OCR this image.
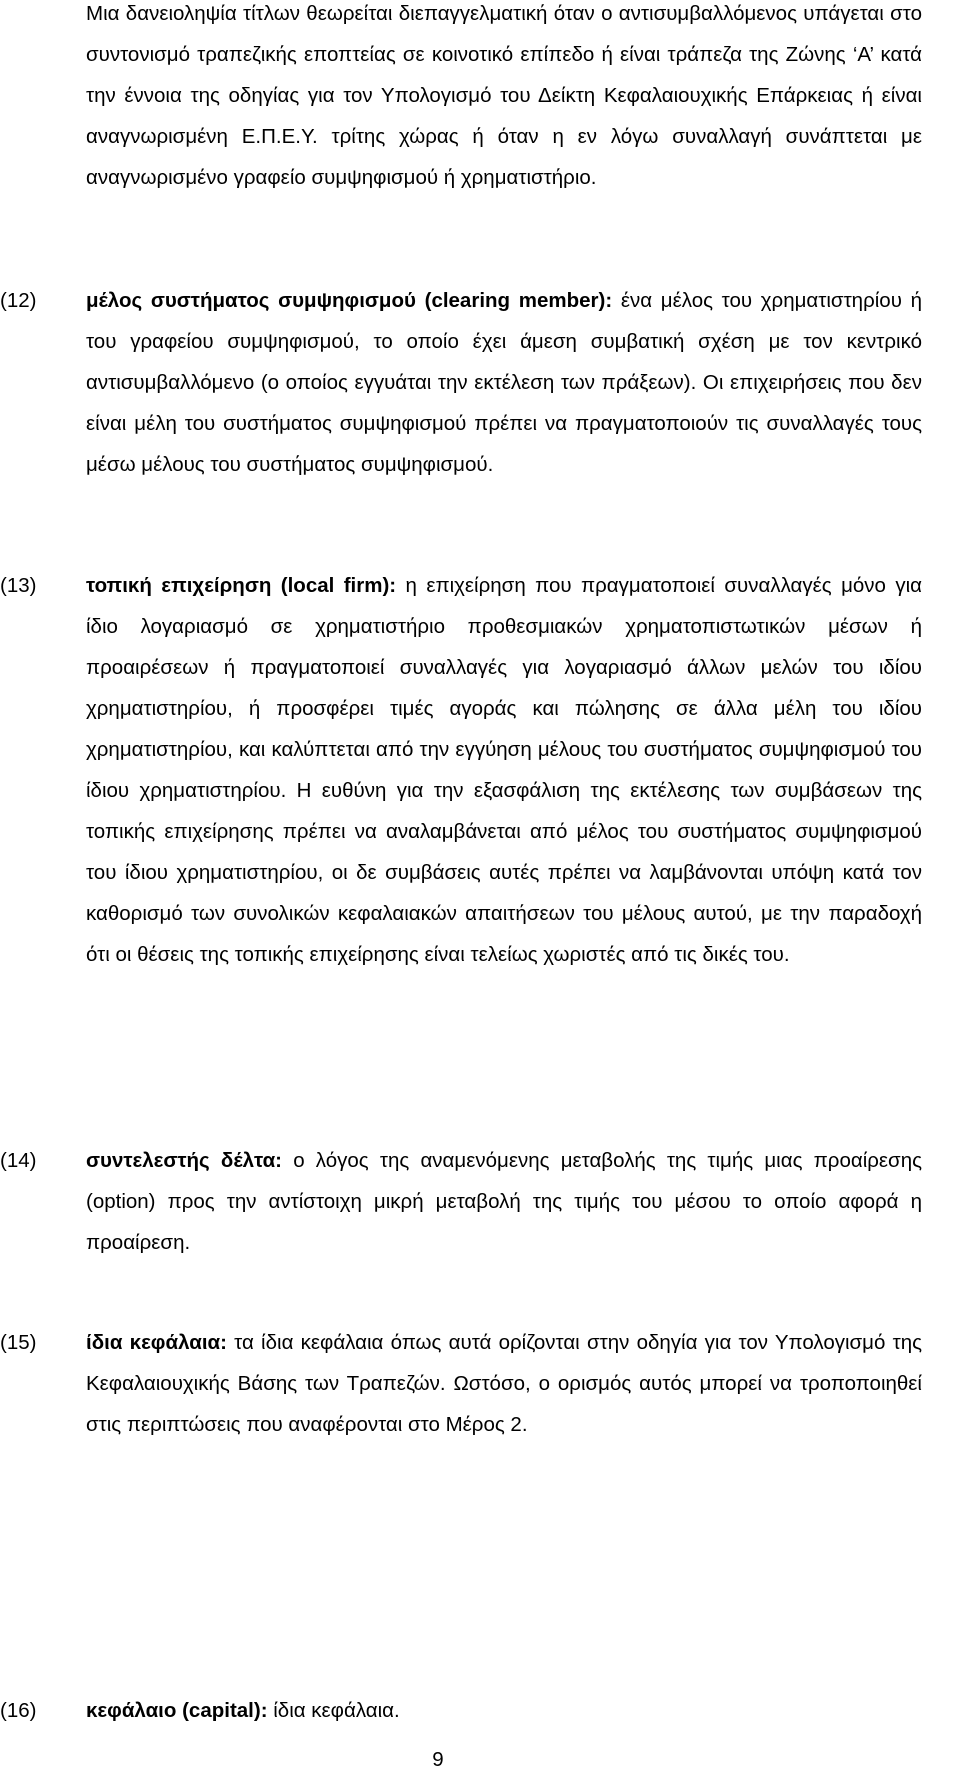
Μια δανειοληψία τίτλων θεωρείται διεπαγγελματική όταν ο αντισυμβαλλόμενος υπάγεται στο συντονισμό τραπεζικής εποπτείας σε κοινοτικό επίπεδο ή είναι τράπεζα της Ζώνης ‘Α’ κατά την έννοια της οδηγίας για τον Υπολογισμό του Δείκτη Κεφαλαιουχικής Επάρκειας ή είναι αναγνωρισμένη Ε.Π.Ε.Υ. τρίτης χώρας ή όταν η εν λόγω συναλλαγή συνάπτεται με αναγνωρισμένο γραφείο συμψηφισμού ή χρηματιστήριο.

(12)	μέλος συστήματος συμψηφισμού (clearing member): ένα μέλος του χρηματιστηρίου ή του γραφείου συμψηφισμού, το οποίο έχει άμεση συμβατική σχέση με τον κεντρικό αντισυμβαλλόμενο (ο οποίος εγγυάται την εκτέλεση των πράξεων). Οι επιχειρήσεις που δεν είναι μέλη του συστήματος συμψηφισμού πρέπει να πραγματοποιούν τις συναλλαγές τους μέσω μέλους του συστήματος συμψηφισμού.

(13)	τοπική επιχείρηση (local firm): η επιχείρηση που πραγματοποιεί συναλλαγές μόνο για ίδιο λογαριασμό σε χρηματιστήριο προθεσμιακών χρηματοπιστωτικών μέσων ή προαιρέσεων ή πραγματοποιεί συναλλαγές για λογαριασμό άλλων μελών του ιδίου χρηματιστηρίου, ή προσφέρει τιμές αγοράς και πώλησης σε άλλα μέλη του ιδίου χρηματιστηρίου, και καλύπτεται από την εγγύηση μέλους του συστήματος συμψηφισμού του ίδιου χρηματιστηρίου. Η ευθύνη για την εξασφάλιση της εκτέλεσης των συμβάσεων της τοπικής επιχείρησης πρέπει να αναλαμβάνεται από μέλος του συστήματος συμψηφισμού του ίδιου χρηματιστηρίου, οι δε συμβάσεις αυτές πρέπει να λαμβάνονται υπόψη κατά τον καθορισμό των συνολικών κεφαλαιακών απαιτήσεων του μέλους αυτού, με την παραδοχή ότι οι θέσεις της τοπικής επιχείρησης είναι τελείως χωριστές από τις δικές του.

(14)	συντελεστής δέλτα: ο λόγος της αναμενόμενης μεταβολής της τιμής μιας προαίρεσης (option) προς την αντίστοιχη μικρή μεταβολή της τιμής του μέσου το οποίο αφορά η προαίρεση.

(15)	ίδια κεφάλαια: τα ίδια κεφάλαια όπως αυτά ορίζονται στην οδηγία για τον Υπολογισμό της Κεφαλαιουχικής Βάσης των Τραπεζών. Ωστόσο, ο ορισμός αυτός μπορεί να τροποποιηθεί στις περιπτώσεις που αναφέρονται στο Μέρος 2.

(16)	κεφάλαιο (capital): ίδια κεφάλαια.

9
